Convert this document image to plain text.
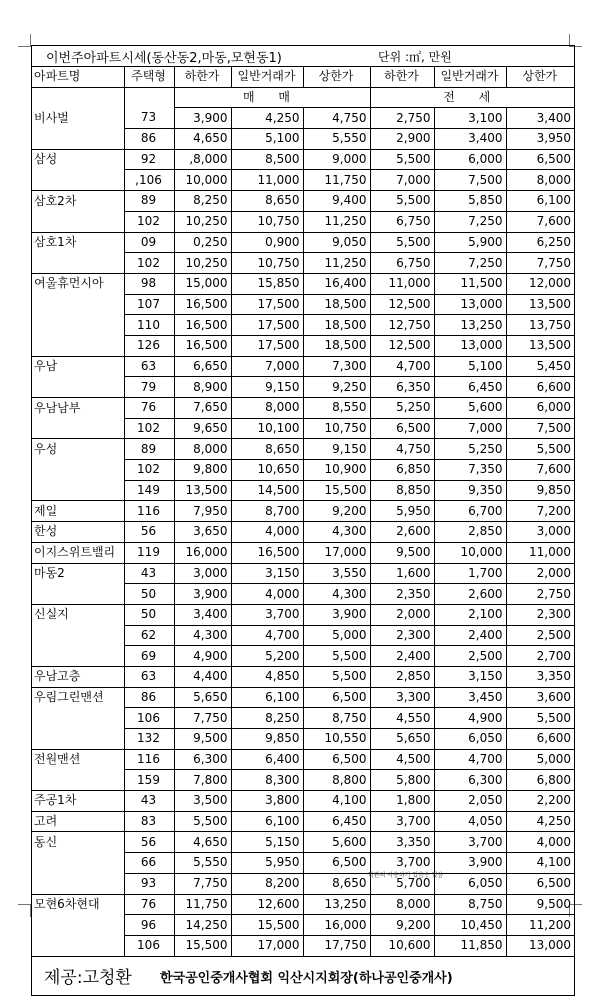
이번주아파트시세(동산동2,마동,모현동1)	단위 :㎡, 만원
아파트명	주택형	하한가	일반거래가	상한가	하한가	일반거래가	상한가
		매 매			전 세		
비사벌	73	3,900	4,250	4,750	2,750	3,100	3,400
	86	4,650	5,100	5,550	2,900	3,400	3,950
삼성	92	,8,000	8,500	9,000	5,500	6,000	6,500
	,106	10,000	11,000	11,750	7,000	7,500	8,000
삼호2차	89	8,250	8,650	9,400	5,500	5,850	6,100
	102	10,250	10,750	11,250	6,750	7,250	7,600
삼호1차	09	0,250	0,900	9,050	5,500	5,900	6,250
	102	10,250	10,750	11,250	6,750	7,250	7,750
여울휴먼시아	98	15,000	15,850	16,400	11,000	11,500	12,000
	107	16,500	17,500	18,500	12,500	13,000	13,500
	110	16,500	17,500	18,500	12,750	13,250	13,750
	126	16,500	17,500	18,500	12,500	13,000	13,500
우남	63	6,650	7,000	7,300	4,700	5,100	5,450
	79	8,900	9,150	9,250	6,350	6,450	6,600
우남남부	76	7,650	8,000	8,550	5,250	5,600	6,000
	102	9,650	10,100	10,750	6,500	7,000	7,500
우성	89	8,000	8,650	9,150	4,750	5,250	5,500
	102	9,800	10,650	10,900	6,850	7,350	7,600
	149	13,500	14,500	15,500	8,850	9,350	9,850
제일	116	7,950	8,700	9,200	5,950	6,700	7,200
한성	56	3,650	4,000	4,300	2,600	2,850	3,000
이지스위트밸리	119	16,000	16,500	17,000	9,500	10,000	11,000
마동2	43	3,000	3,150	3,550	1,600	1,700	2,000
	50	3,900	4,000	4,300	2,350	2,600	2,750
신실지	50	3,400	3,700	3,900	2,000	2,100	2,300
	62	4,300	4,700	5,000	2,300	2,400	2,500
	69	4,900	5,200	5,500	2,400	2,500	2,700
우남고층	63	4,400	4,850	5,500	2,850	3,150	3,350
우림그린맨션	86	5,650	6,100	6,500	3,300	3,450	3,600
	106	7,750	8,250	8,750	4,550	4,900	5,500
	132	9,500	9,850	10,550	5,650	6,050	6,600
전원맨션	116	6,300	6,400	6,500	4,500	4,700	5,000
	159	7,800	8,300	8,800	5,800	6,300	6,800
주공1차	43	3,500	3,800	4,100	1,800	2,050	2,200
고려	83	5,500	6,100	6,450	3,700	4,050	4,250
동신	56	4,650	5,150	5,600	3,350	3,700	4,000
	66	5,550	5,950	6,500	3,700	3,900	4,100
	93	7,750	8,200	8,650	5,700	6,050	6,500
모현6차현대	76	11,750	12,600	13,250	8,000	8,750	9,500
	96	14,250	15,500	16,000	9,200	10,450	11,200
	106	15,500	17,000	17,750	10,600	11,850	13,000
제공:고청환 한국공인중개사협회 익산시지회장(하나공인중개사)
학관의 사용하기 있음수 있음
